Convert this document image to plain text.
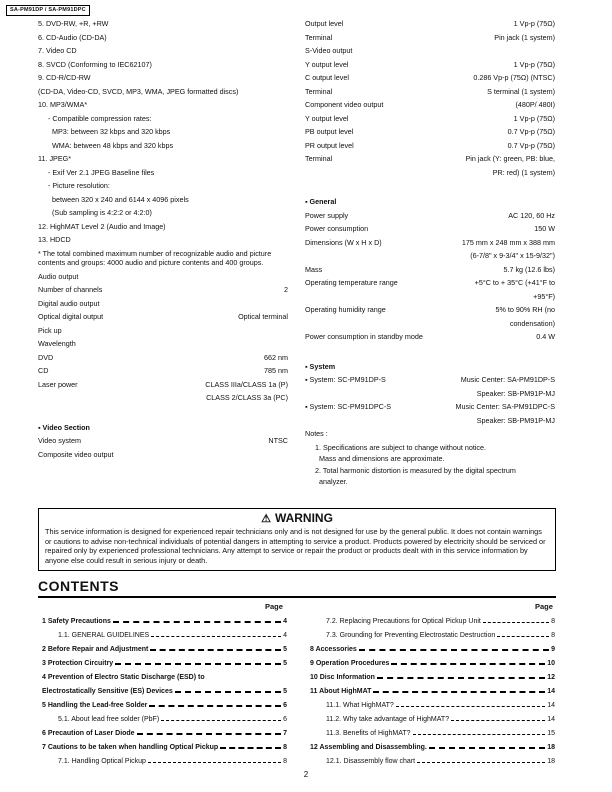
SA-PM91DP / SA-PM91DPC
5. DVD-RW, +R, +RW
6. CD-Audio (CD-DA)
7. Video CD
8. SVCD (Conforming to IEC62107)
9. CD-R/CD-RW
(CD-DA, Video-CD, SVCD, MP3, WMA, JPEG formatted discs)
10. MP3/WMA*
- Compatible compression rates:
MP3: between 32 kbps and 320 kbps
WMA: between 48 kbps and 320 kbps
11. JPEG*
- Exif Ver 2.1 JPEG Baseline files
- Picture resolution:
between 320 x 240 and 6144 x 4096 pixels
(Sub sampling is 4:2:2 or 4:2:0)
12. HighMAT Level 2 (Audio and Image)
13. HDCD
* The total combined maximum number of recognizable audio and picture contents and groups: 4000 audio and picture contents and 400 groups.
Audio output
Number of channels	2
Digital audio output
Optical digital output	Optical terminal
Pick up
Wavelength
DVD	662 nm
CD	785 nm
Laser power	CLASS IIIa/CLASS 1a (P)
CLASS 2/CLASS 3a (PC)
▪ Video Section
Video system	NTSC
Composite video output
Output level	1 Vp-p (75Ω)
Terminal	Pin jack (1 system)
S-Video output
Y output level	1 Vp-p (75Ω)
C output level	0.286 Vp-p (75Ω) (NTSC)
Terminal	S terminal (1 system)
Component video output	(480P/ 480I)
Y output level	1 Vp-p (75Ω)
PB output level	0.7 Vp-p (75Ω)
PR output level	0.7 Vp-p (75Ω)
Terminal	Pin jack (Y: green, PB: blue,
PR: red) (1 system)
▪ General
Power supply	AC 120, 60 Hz
Power consumption	150 W
Dimensions (W x H x D)	175 mm x 248 mm x 388 mm
(6-7/8" x 9-3/4" x 15-9/32")
Mass	5.7 kg (12.6 lbs)
Operating temperature range	+5°C to + 35°C (+41°F to
+95°F)
Operating humidity range	5% to 90% RH (no
condensation)
Power consumption in standby mode	0.4 W
▪ System
▪ System: SC-PM91DP-S	Music Center: SA-PM91DP-S
Speaker: SB-PM91P-MJ
▪ System: SC-PM91DPC-S	Music Center: SA-PM91DPC-S
Speaker: SB-PM91P-MJ
Notes :
1. Specifications are subject to change without notice.
Mass and dimensions are approximate.
2. Total harmonic distortion is measured by the digital spectrum
analyzer.
⚠ WARNING
This service information is designed for experienced repair technicians only and is not designed for use by the general public. It does not contain warnings or cautions to advise non-technical individuals of potential dangers in attempting to service a product. Products powered by electricity should be serviced or repaired only by experienced professional technicians. Any attempt to service or repair the product or products dealt with in this service information by anyone else could result in serious injury or death.
CONTENTS
Page	Page
1 Safety Precautions	4
1.1. GENERAL GUIDELINES	4
2 Before Repair and Adjustment	5
3 Protection Circuitry	5
4 Prevention of Electro Static Discharge (ESD) to
Electrostatically Sensitive (ES) Devices	5
5 Handling the Lead-free Solder	6
5.1. About lead free solder (PbF)	6
6 Precaution of Laser Diode	7
7 Cautions to be taken when handling Optical Pickup	8
7.1. Handling Optical Pickup	8
7.2. Replacing Precautions for Optical Pickup Unit	8
7.3. Grounding for Preventing Electrostatic Destruction	8
8 Accessories	9
9 Operation Procedures	10
10 Disc Information	12
11 About HighMAT	14
11.1. What HighMAT?	14
11.2. Why take advantage of HighMAT?	14
11.3. Benefits of HighMAT?	15
12 Assembling and Disassembling.	18
12.1. Disassembly flow chart	18
2
